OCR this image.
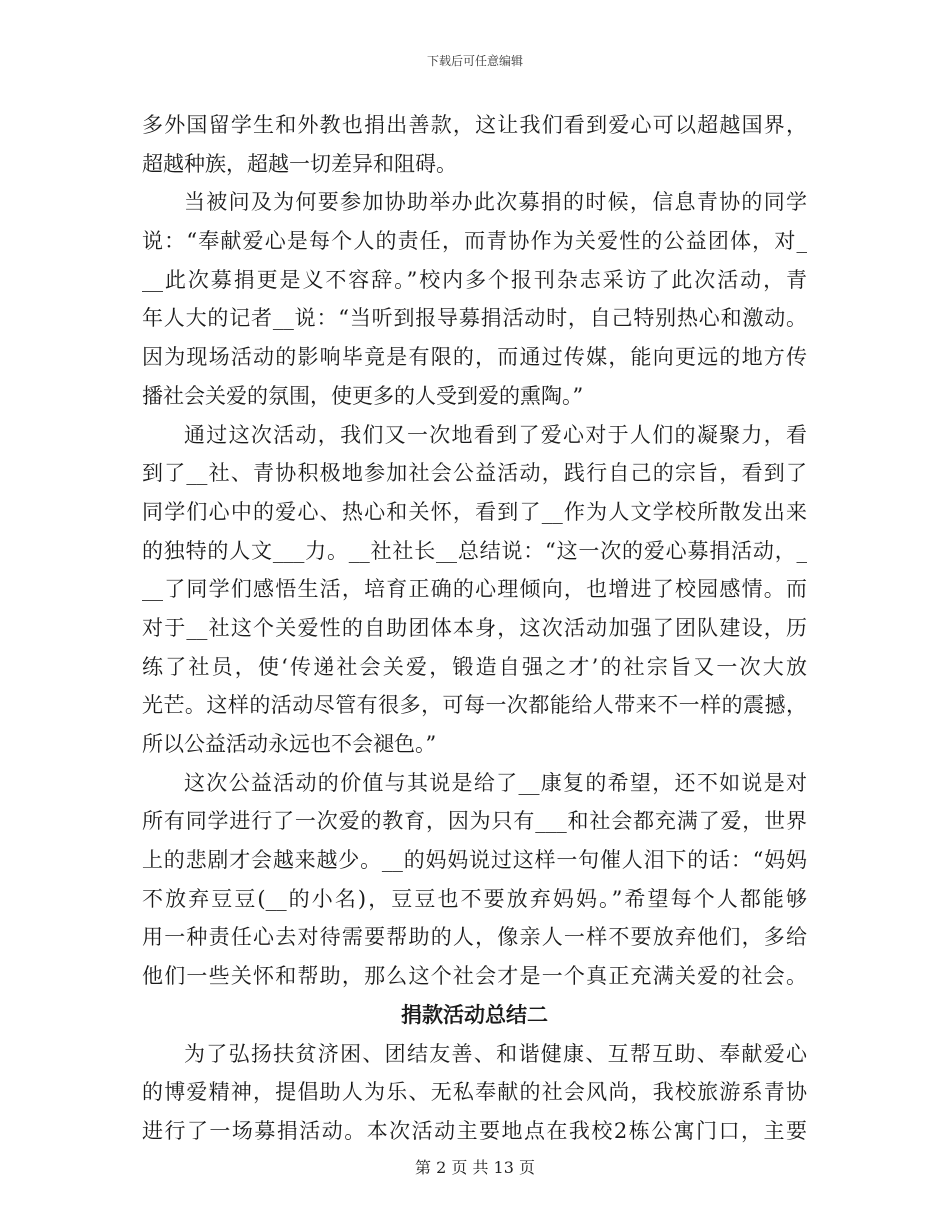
下载后可任意编辑
多外国留学生和外教也捐出善款，这让我们看到爱心可以超越国界，
超越种族，超越一切差异和阻碍。
当被问及为何要参加协助举办此次募捐的时候，信息青协的同学
说：“奉献爱心是每个人的责任，而青协作为关爱性的公益团体，对_
__此次募捐更是义不容辞。”校内多个报刊杂志采访了此次活动，青
年人大的记者__说：“当听到报导募捐活动时，自己特别热心和激动。
因为现场活动的影响毕竟是有限的，而通过传媒，能向更远的地方传
播社会关爱的氛围，使更多的人受到爱的熏陶。”
通过这次活动，我们又一次地看到了爱心对于人们的凝聚力，看
到了__社、青协积极地参加社会公益活动，践行自己的宗旨，看到了
同学们心中的爱心、热心和关怀，看到了__作为人文学校所散发出来
的独特的人文___力。__社社长__总结说：“这一次的爱心募捐活动，_
__了同学们感悟生活，培育正确的心理倾向，也增进了校园感情。而
对于__社这个关爱性的自助团体本身，这次活动加强了团队建设，历
练了社员，使‘传递社会关爱，锻造自强之才’的社宗旨又一次大放
光芒。这样的活动尽管有很多，可每一次都能给人带来不一样的震撼，
所以公益活动永远也不会褪色。”
这次公益活动的价值与其说是给了__康复的希望，还不如说是对
所有同学进行了一次爱的教育，因为只有___和社会都充满了爱，世界
上的悲剧才会越来越少。__的妈妈说过这样一句催人泪下的话：“妈妈
不放弃豆豆(__的小名)，豆豆也不要放弃妈妈。”希望每个人都能够
用一种责任心去对待需要帮助的人，像亲人一样不要放弃他们，多给
他们一些关怀和帮助，那么这个社会才是一个真正充满关爱的社会。
捐款活动总结二
为了弘扬扶贫济困、团结友善、和谐健康、互帮互助、奉献爱心
的博爱精神，提倡助人为乐、无私奉献的社会风尚，我校旅游系青协
进行了一场募捐活动。本次活动主要地点在我校2栋公寓门口，主要
第 2 页 共 13 页
